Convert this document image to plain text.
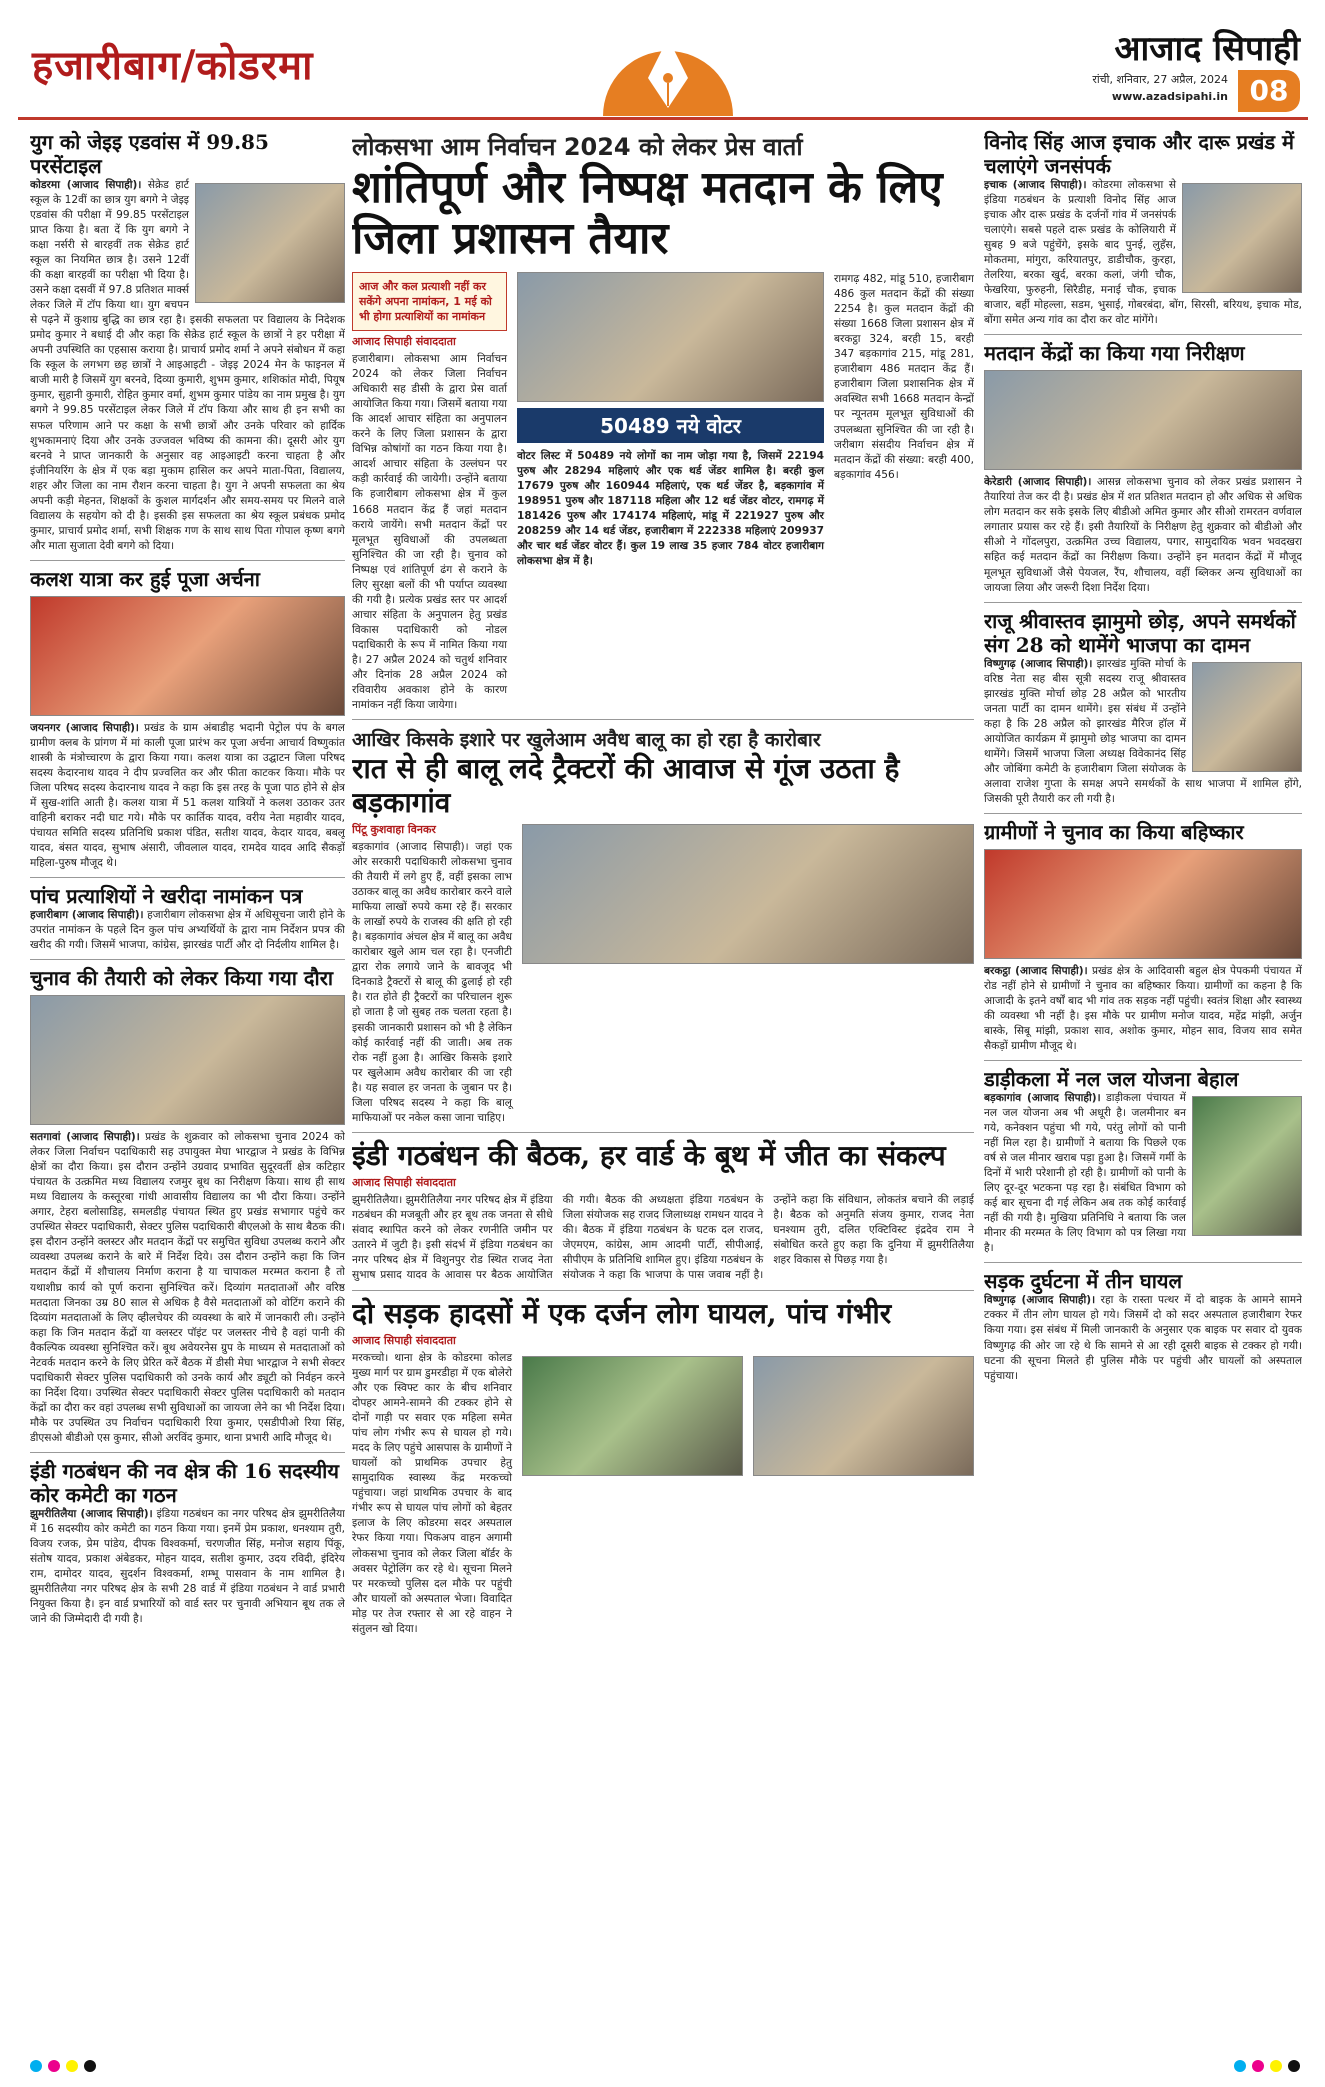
हजारीबाग/कोडरमा	आजाद सिपाही
रांची, शनिवार, 27 अप्रैल, 2024
www.azadsipahi.in 08
युग को जेइइ एडवांस में 99.85 परसेंटाइल

कोडरमा (आजाद सिपाही)। सेक्रेड हार्ट स्कूल के 12वीं का छात्र युग बगगे ने जेइइ एडवांस की परीक्षा में 99.85 परसेंटाइल प्राप्त किया है। बता दें कि युग बगगे ने कक्षा नर्सरी से बारहवीं तक सेक्रेड हार्ट स्कूल का नियमित छात्र है। उसने 12वीं की कक्षा बारहवीं का परीक्षा भी दिया है। उसने कक्षा दसवीं में 97.8 प्रतिशत मार्क्स लेकर जिले में टॉप किया था। युग बचपन से पढ़ने में कुशाग्र बुद्धि का छात्र रहा है। इसकी सफलता पर विद्यालय के निदेशक प्रमोद कुमार ने बधाई दी और कहा कि सेक्रेड हार्ट स्कूल के छात्रों ने हर परीक्षा में अपनी उपस्थिति का एहसास कराया है। प्राचार्य प्रमोद शर्मा ने अपने संबोधन में कहा कि स्कूल के लगभग छह छात्रों ने आइआइटी - जेइइ 2024 मेन के फाइनल में बाजी मारी है जिसमें युग बरनवे, दिव्या कुमारी, शुभम कुमार, शशिकांत मोदी, पियूष कुमार, सुहानी कुमारी, रोहित कुमार वर्मा, शुभम कुमार पांडेय का नाम प्रमुख है। युग बगगे ने 99.85 परसेंटाइल लेकर जिले में टॉप किया और साथ ही इन सभी का सफल परिणाम आने पर कक्षा के सभी छात्रों और उनके परिवार को हार्दिक शुभकामनाएं दिया और उनके उज्जवल भविष्य की कामना की। दूसरी ओर युग बरनवे ने प्राप्त जानकारी के अनुसार वह आइआइटी करना चाहता है और इंजीनियरिंग के क्षेत्र में एक बड़ा मुकाम हासिल कर अपने माता-पिता, विद्यालय, शहर और जिला का नाम रौशन करना चाहता है। युग ने अपनी सफलता का श्रेय अपनी कड़ी मेहनत, शिक्षकों के कुशल मार्गदर्शन और समय-समय पर मिलने वाले विद्यालय के सहयोग को दी है। इसकी इस सफलता का श्रेय स्कूल प्रबंधक प्रमोद कुमार, प्राचार्य प्रमोद शर्मा, सभी शिक्षक गण के साथ साथ पिता गोपाल कृष्ण बगगे और माता सुजाता देवी बगगे को दिया।

कलश यात्रा कर हुई पूजा अर्चना

जयनगर (आजाद सिपाही)। प्रखंड के ग्राम अंबाडीह भदानी पेट्रोल पंप के बगल ग्रामीण क्लब के प्रांगण में मां काली पूजा प्रारंभ कर पूजा अर्चना आचार्य विष्णुकांत शास्त्री के मंत्रोच्चारण के द्वारा किया गया। कलश यात्रा का उद्घाटन जिला परिषद सदस्य केदारनाथ यादव ने दीप प्रज्वलित कर और फीता काटकर किया। मौके पर जिला परिषद सदस्य केदारनाथ यादव ने कहा कि इस तरह के पूजा पाठ होने से क्षेत्र में सुख-शांति आती है। कलश यात्रा में 51 कलश यात्रियों ने कलश उठाकर उतर वाहिनी बराकर नदी घाट गये। मौके पर कार्तिक यादव, वरीय नेता महावीर यादव, पंचायत समिति सदस्य प्रतिनिधि प्रकाश पंडित, सतीश यादव, केदार यादव, बबलू यादव, बंसत यादव, सुभाष अंसारी, जीवलाल यादव, रामदेव यादव आदि सैकड़ों महिला-पुरुष मौजूद थे।

पांच प्रत्याशियों ने खरीदा नामांकन पत्र

हजारीबाग (आजाद सिपाही)। हजारीबाग लोकसभा क्षेत्र में अधिसूचना जारी होने के उपरांत नामांकन के पहले दिन कुल पांच अभ्यर्थियों के द्वारा नाम निर्देशन प्रपत्र की खरीद की गयी। जिसमें भाजपा, कांग्रेस, झारखंड पार्टी और दो निर्दलीय शामिल है।

चुनाव की तैयारी को लेकर किया गया दौरा

सतगावां (आजाद सिपाही)। प्रखंड के शुक्रवार को लोकसभा चुनाव 2024 को लेकर जिला निर्वाचन पदाधिकारी सह उपायुक्त मेघा भारद्वाज ने प्रखंड के विभिन्न क्षेत्रों का दौरा किया। इस दौरान उन्होंने उग्रवाद प्रभावित सुदूरवर्ती क्षेत्र कटिहार पंचायत के उत्क्रमित मध्य विद्यालय रजमुर बूथ का निरीक्षण किया। साथ ही साथ मध्य विद्यालय के कस्तूरबा गांधी आवासीय विद्यालय का भी दौरा किया। उन्होंने अगार, टेहरा बलोसाडिह, समलडीह पंचायत स्थित हुए प्रखंड सभागार पहुंचे कर उपस्थित सेक्टर पदाधिकारी, सेक्टर पुलिस पदाधिकारी बीएलओ के साथ बैठक की। इस दौरान उन्होंने क्लस्टर और मतदान केंद्रों पर समुचित सुविधा उपलब्ध कराने और व्यवस्था उपलब्ध कराने के बारे में निर्देश दिये। उस दौरान उन्होंने कहा कि जिन मतदान केंद्रों में शौचालय निर्माण कराना है या चापाकल मरम्मत कराना है तो यथाशीघ्र कार्य को पूर्ण कराना सुनिश्चित करें। दिव्यांग मतदाताओं और वरिष्ठ मतदाता जिनका उम्र 80 साल से अधिक है वैसे मतदाताओं को वोटिंग कराने की दिव्यांग मतदाताओं के लिए व्हीलचेयर की व्यवस्था के बारे में जानकारी ली। उन्होंने कहा कि जिन मतदान केंद्रों या क्लस्टर पॉइंट पर जलस्तर नीचे है वहां पानी की वैकल्पिक व्यवस्था सुनिश्चित करें। बूथ अवेयरनेस ग्रुप के माध्यम से मतदाताओं को नेटवर्क मतदान करने के लिए प्रेरित करें बैठक में डीसी मेघा भारद्वाज ने सभी सेक्टर पदाधिकारी सेक्टर पुलिस पदाधिकारी को उनके कार्य और ड्यूटी को निर्वहन करने का निर्देश दिया। उपस्थित सेक्टर पदाधिकारी सेक्टर पुलिस पदाधिकारी को मतदान केंद्रों का दौरा कर वहां उपलब्ध सभी सुविधाओं का जायजा लेने का भी निर्देश दिया। मौके पर उपस्थित उप निर्वाचन पदाधिकारी रिया कुमार, एसडीपीओ रिया सिंह, डीएसओ बीडीओ एस कुमार, सीओ अरविंद कुमार, थाना प्रभारी आदि मौजूद थे।

इंडी गठबंधन की नव क्षेत्र की 16 सदस्यीय कोर कमेटी का गठन

झुमरीतिलैया (आजाद सिपाही)। इंडिया गठबंधन का नगर परिषद क्षेत्र झुमरीतिलैया में 16 सदस्यीय कोर कमेटी का गठन किया गया। इनमें प्रेम प्रकाश, धनश्याम तुरी, विजय रजक, प्रेम पांडेय, दीपक विश्वकर्मा, चरणजीत सिंह, मनोज सहाय पिंकू, संतोष यादव, प्रकाश अंबेडकर, मोहन यादव, सतीश कुमार, उदय रविदी, इंदिरेय राम, दामोदर यादव, सुदर्शन विश्वकर्मा, शम्भू पासवान के नाम शामिल है। झुमरीतिलैया नगर परिषद क्षेत्र के सभी 28 वार्ड में इंडिया गठबंधन ने वार्ड प्रभारी नियुक्त किया है। इन वार्ड प्रभारियों को वार्ड स्तर पर चुनावी अभियान बूथ तक ले जाने की जिम्मेदारी दी गयी है।

लोकसभा आम निर्वाचन 2024 को लेकर प्रेस वार्ता
शांतिपूर्ण और निष्पक्ष मतदान के लिए जिला प्रशासन तैयार
आज और कल प्रत्याशी नहीं कर सकेंगे अपना नामांकन, 1 मई को भी होगा प्रत्याशियों का नामांकन
आजाद सिपाही संवाददाता

हजारीबाग। लोकसभा आम निर्वाचन 2024 को लेकर जिला निर्वाचन अधिकारी सह डीसी के द्वारा प्रेस वार्ता आयोजित किया गया। जिसमें बताया गया कि आदर्श आचार संहिता का अनुपालन करने के लिए जिला प्रशासन के द्वारा विभिन्न कोषांगों का गठन किया गया है। आदर्श आचार संहिता के उल्लंघन पर कड़ी कार्रवाई की जायेगी। उन्होंने बताया कि हजारीबाग लोकसभा क्षेत्र में कुल 1668 मतदान केंद्र हैं जहां मतदान कराये जायेंगे। सभी मतदान केंद्रों पर मूलभूत सुविधाओं की उपलब्धता सुनिश्चित की जा रही है। चुनाव को निष्पक्ष एवं शांतिपूर्ण ढंग से कराने के लिए सुरक्षा बलों की भी पर्याप्त व्यवस्था की गयी है। प्रत्येक प्रखंड स्तर पर आदर्श आचार संहिता के अनुपालन हेतु प्रखंड विकास पदाधिकारी को नोडल पदाधिकारी के रूप में नामित किया गया है। 27 अप्रैल 2024 को चतुर्थ शनिवार और दिनांक 28 अप्रैल 2024 को रविवारीय अवकाश होने के कारण नामांकन नहीं किया जायेगा।

50489 नये वोटर

वोटर लिस्ट में 50489 नये लोगों का नाम जोड़ा गया है, जिसमें 22194 पुरुष और 28294 महिलाएं और एक थर्ड जेंडर शामिल है। बरही कुल 17679 पुरुष और 160944 महिलाएं, एक थर्ड जेंडर है, बड़कागांव में 198951 पुरुष और 187118 महिला और 12 थर्ड जेंडर वोटर, रामगढ़ में 181426 पुरुष और 174174 महिलाएं, मांडू में 221927 पुरुष और 208259 और 14 थर्ड जेंडर, हजारीबाग में 222338 महिलाएं 209937 और चार थर्ड जेंडर वोटर हैं। कुल 19 लाख 35 हजार 784 वोटर हजारीबाग लोकसभा क्षेत्र में है।

रामगढ़ 482, मांडू 510, हजारीबाग 486 कुल मतदान केंद्रों की संख्या 2254 है। कुल मतदान केंद्रों की संख्या 1668 जिला प्रशासन क्षेत्र में बरकट्ठा 324, बरही 15, बरही 347 बड़कागांव 215, मांडू 281, हजारीबाग 486 मतदान केंद्र हैं। हजारीबाग जिला प्रशासनिक क्षेत्र में अवस्थित सभी 1668 मतदान केन्द्रों पर न्यूनतम मूलभूत सुविधाओं की उपलब्धता सुनिश्चित की जा रही है। जरीबाग संसदीय निर्वाचन क्षेत्र में मतदान केंद्रों की संख्या: बरही 400, बड़कागांव 456।

आखिर किसके इशारे पर खुलेआम अवैध बालू का हो रहा है कारोबार
रात से ही बालू लदे ट्रैक्टरों की आवाज से गूंज उठता है बड़कागांव
पिंटू कुशवाहा विनकर

बड़कागांव (आजाद सिपाही)। जहां एक ओर सरकारी पदाधिकारी लोकसभा चुनाव की तैयारी में लगे हुए हैं, वहीं इसका लाभ उठाकर बालू का अवैध कारोबार करने वाले माफिया लाखों रुपये कमा रहे हैं। सरकार के लाखों रुपये के राजस्व की क्षति हो रही है। बड़कागांव अंचल क्षेत्र में बालू का अवैध कारोबार खुले आम चल रहा है। एनजीटी द्वारा रोक लगाये जाने के बावजूद भी दिनकाडे ट्रैक्टरों से बालू की ढुलाई हो रही है। रात होते ही ट्रैक्टरों का परिचालन शुरू हो जाता है जो सुबह तक चलता रहता है। इसकी जानकारी प्रशासन को भी है लेकिन कोई कार्रवाई नहीं की जाती। अब तक रोक नहीं हुआ है। आखिर किसके इशारे पर खुलेआम अवैध कारोबार की जा रही है। यह सवाल हर जनता के जुबान पर है। जिला परिषद सदस्य ने कहा कि बालू माफियाओं पर नकेल कसा जाना चाहिए।

इंडी गठबंधन की बैठक, हर वार्ड के बूथ में जीत का संकल्प
आजाद सिपाही संवाददाता

झुमरीतिलैया। झुमरीतिलैया नगर परिषद क्षेत्र में इंडिया गठबंधन की मजबूती और हर बूथ तक जनता से सीधे संवाद स्थापित करने को लेकर रणनीति जमीन पर उतारने में जुटी है। इसी संदर्भ में इंडिया गठबंधन का नगर परिषद क्षेत्र में विशुनपुर रोड स्थित राजद नेता सुभाष प्रसाद यादव के आवास पर बैठक आयोजित की गयी। बैठक की अध्यक्षता इंडिया गठबंधन के जिला संयोजक सह राजद जिलाध्यक्ष रामधन यादव ने की। बैठक में इंडिया गठबंधन के घटक दल राजद, जेएमएम, कांग्रेस, आम आदमी पार्टी, सीपीआई, सीपीएम के प्रतिनिधि शामिल हुए। इंडिया गठबंधन के संयोजक ने कहा कि भाजपा के पास जवाब नहीं है। उन्होंने कहा कि संविधान, लोकतंत्र बचाने की लड़ाई है। बैठक को अनुमति संजय कुमार, राजद नेता घनश्याम तुरी, दलित एक्टिविस्ट इंद्रदेव राम ने संबोधित करते हुए कहा कि दुनिया में झुमरीतिलैया शहर विकास से पिछड़ गया है।

दो सड़क हादसों में एक दर्जन लोग घायल, पांच गंभीर
आजाद सिपाही संवाददाता

मरकच्चो। थाना क्षेत्र के कोडरमा कोलड मुख्य मार्ग पर ग्राम डुमरडीहा में एक बोलेरो और एक स्विफ्ट कार के बीच शनिवार दोपहर आमने-सामने की टक्कर होने से दोनों गाड़ी पर सवार एक महिला समेत पांच लोग गंभीर रूप से घायल हो गये। मदद के लिए पहुंचे आसपास के ग्रामीणों ने घायलों को प्राथमिक उपचार हेतु सामुदायिक स्वास्थ्य केंद्र मरकच्चो पहुंचाया। जहां प्राथमिक उपचार के बाद गंभीर रूप से घायल पांच लोगों को बेहतर इलाज के लिए कोडरमा सदर अस्पताल रेफर किया गया। पिकअप वाहन अगामी लोकसभा चुनाव को लेकर जिला बॉर्डर के अवसर पेट्रोलिंग कर रहे थे। सूचना मिलने पर मरकच्चो पुलिस दल मौके पर पहुंची और घायलों को अस्पताल भेजा। विवादित मोड़ पर तेज रफ्तार से आ रहे वाहन ने संतुलन खो दिया।

विनोद सिंह आज इचाक और दारू प्रखंड में चलाएंगे जनसंपर्क

इचाक (आजाद सिपाही)। कोडरमा लोकसभा से इंडिया गठबंधन के प्रत्याशी विनोद सिंह आज इचाक और दारू प्रखंड के दर्जनों गांव में जनसंपर्क चलाएंगे। सबसे पहले दारू प्रखंड के कोलियारी में सुबह 9 बजे पहुंचेंगे, इसके बाद पुनई, लुहँस, मोकतमा, मांगुरा, करियातपुर, डाडीचौक, कुरहा, तेलरिया, बरका खुर्द, बरका कलां, जंगी चौक, फेखरिया, फुरुहनी, सिरैडीह, मनाई चौक, इचाक बाजार, बर्ही मोहल्ला, सडम, भुसाई, गोबरबंदा, बोंग, सिरसी, बरियथ, इचाक मोड, बोंगा समेत अन्य गांव का दौरा कर वोट मांगेंगे।

मतदान केंद्रों का किया गया निरीक्षण

केरेडारी (आजाद सिपाही)। आसन्न लोकसभा चुनाव को लेकर प्रखंड प्रशासन ने तैयारियां तेज कर दी है। प्रखंड क्षेत्र में शत प्रतिशत मतदान हो और अधिक से अधिक लोग मतदान कर सके इसके लिए बीडीओ अमित कुमार और सीओ रामरतन वर्णवाल लगातार प्रयास कर रहे हैं। इसी तैयारियों के निरीक्षण हेतु शुक्रवार को बीडीओ और सीओ ने गोंदलपुरा, उत्क्रमित उच्च विद्यालय, पगार, सामुदायिक भवन भवदखरा सहित कई मतदान केंद्रों का निरीक्षण किया। उन्होंने इन मतदान केंद्रों में मौजूद मूलभूत सुविधाओं जैसे पेयजल, रैंप, शौचालय, वहीं ब्लिकर अन्य सुविधाओं का जायजा लिया और जरूरी दिशा निर्देश दिया।

राजू श्रीवास्तव झामुमो छोड़, अपने समर्थकों संग 28 को थामेंगे भाजपा का दामन

विष्णुगढ़ (आजाद सिपाही)। झारखंड मुक्ति मोर्चा के वरिष्ठ नेता सह बीस सूत्री सदस्य राजू श्रीवास्तव झारखंड मुक्ति मोर्चा छोड़ 28 अप्रैल को भारतीय जनता पार्टी का दामन थामेंगे। इस संबंध में उन्होंने कहा है कि 28 अप्रैल को झारखंड मैरिज हॉल में आयोजित कार्यक्रम में झामुमो छोड़ भाजपा का दामन थामेंगे। जिसमें भाजपा जिला अध्यक्ष विवेकानंद सिंह और जोबिंगा कमेटी के हजारीबाग जिला संयोजक के अलावा राजेश गुप्ता के समक्ष अपने समर्थकों के साथ भाजपा में शामिल होंगे, जिसकी पूरी तैयारी कर ली गयी है।

ग्रामीणों ने चुनाव का किया बहिष्कार

बरकट्ठा (आजाद सिपाही)। प्रखंड क्षेत्र के आदिवासी बहुल क्षेत्र पेपकमी पंचायत में रोड नहीं होने से ग्रामीणों ने चुनाव का बहिष्कार किया। ग्रामीणों का कहना है कि आजादी के इतने वर्षों बाद भी गांव तक सड़क नहीं पहुंची। स्वतंत्र शिक्षा और स्वास्थ्य की व्यवस्था भी नहीं है। इस मौके पर ग्रामीण मनोज यादव, महेंद्र मांझी, अर्जुन बास्के, सिबू मांझी, प्रकाश साव, अशोक कुमार, मोहन साव, विजय साव समेत सैकड़ों ग्रामीण मौजूद थे।

डाड़ीकला में नल जल योजना बेहाल

बड़कागांव (आजाद सिपाही)। डाड़ीकला पंचायत में नल जल योजना अब भी अधूरी है। जलमीनार बन गये, कनेक्शन पहुंचा भी गये, परंतु लोगों को पानी नहीं मिल रहा है। ग्रामीणों ने बताया कि पिछले एक वर्ष से जल मीनार खराब पड़ा हुआ है। जिसमें गर्मी के दिनों में भारी परेशानी हो रही है। ग्रामीणों को पानी के लिए दूर-दूर भटकना पड़ रहा है। संबंधित विभाग को कई बार सूचना दी गई लेकिन अब तक कोई कार्रवाई नहीं की गयी है। मुखिया प्रतिनिधि ने बताया कि जल मीनार की मरम्मत के लिए विभाग को पत्र लिखा गया है।

सड़क दुर्घटना में तीन घायल

विष्णुगढ़ (आजाद सिपाही)। रहा के रास्ता पत्थर में दो बाइक के आमने सामने टक्कर में तीन लोग घायल हो गये। जिसमें दो को सदर अस्पताल हजारीबाग रेफर किया गया। इस संबंध में मिली जानकारी के अनुसार एक बाइक पर सवार दो युवक विष्णुगढ़ की ओर जा रहे थे कि सामने से आ रही दूसरी बाइक से टक्कर हो गयी। घटना की सूचना मिलते ही पुलिस मौके पर पहुंची और घायलों को अस्पताल पहुंचाया।
